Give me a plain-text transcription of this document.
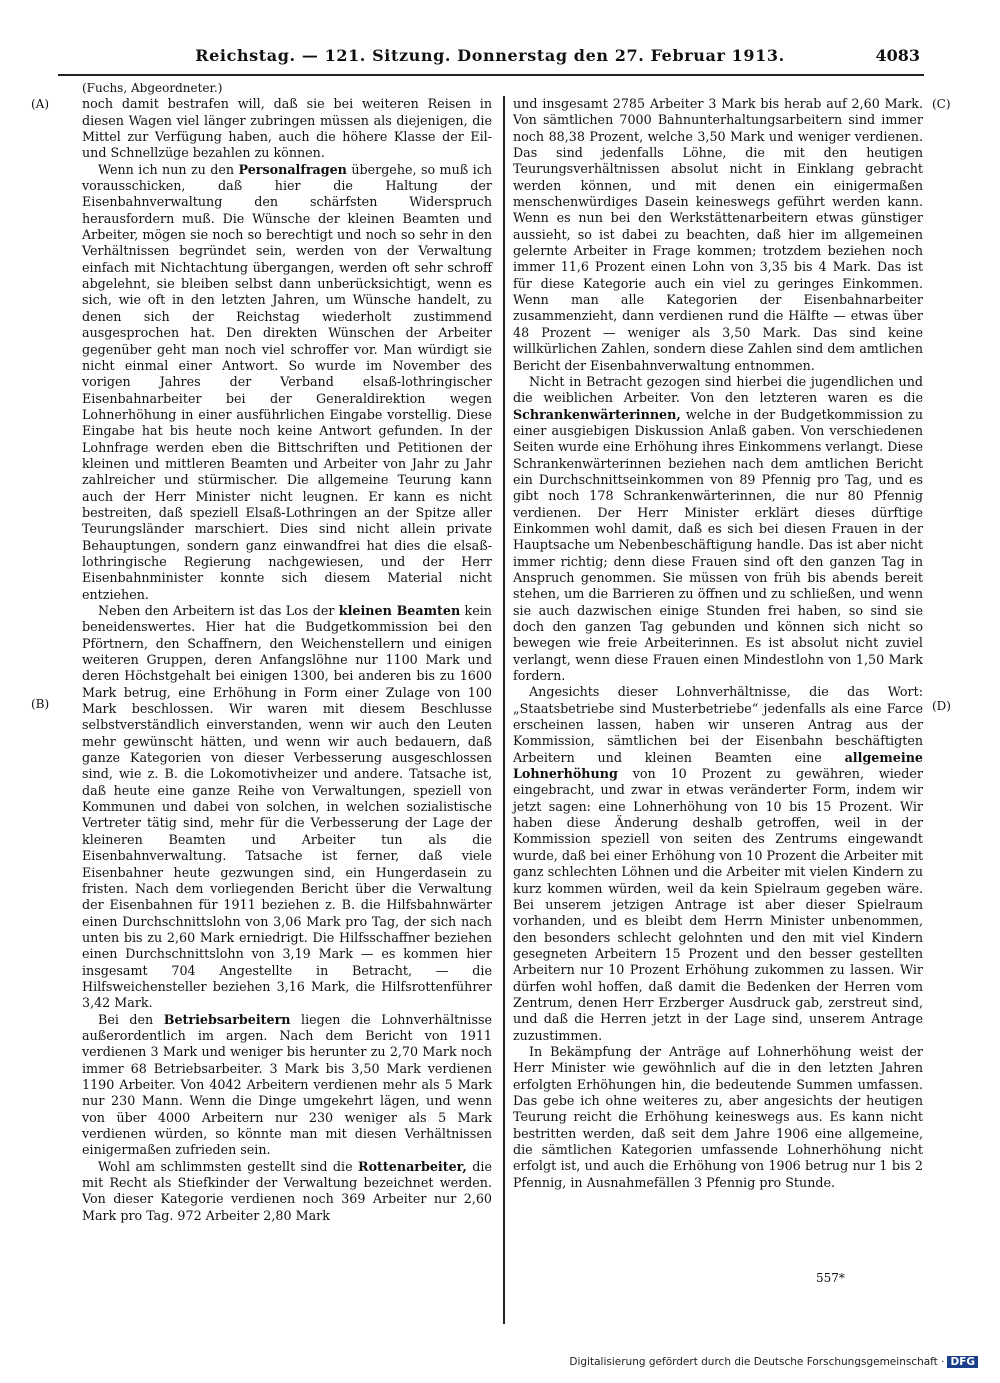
Reichstag. — 121. Sitzung. Donnerstag den 27. Februar 1913.	4083
(A)
(B)
(C)
(D)

(Fuchs, Abgeordneter.)

noch damit bestrafen will, daß sie bei weiteren Reisen in diesen Wagen viel länger zubringen müssen als diejenigen, die Mittel zur Verfügung haben, auch die höhere Klasse der Eil- und Schnellzüge bezahlen zu können.

Wenn ich nun zu den Personalfragen übergehe, so muß ich vorausschicken, daß hier die Haltung der Eisenbahnverwaltung den schärfsten Widerspruch herausfordern muß. Die Wünsche der kleinen Beamten und Arbeiter, mögen sie noch so berechtigt und noch so sehr in den Verhältnissen begründet sein, werden von der Verwaltung einfach mit Nichtachtung übergangen, werden oft sehr schroff abgelehnt, sie bleiben selbst dann unberücksichtigt, wenn es sich, wie oft in den letzten Jahren, um Wünsche handelt, zu denen sich der Reichstag wiederholt zustimmend ausgesprochen hat. Den direkten Wünschen der Arbeiter gegenüber geht man noch viel schroffer vor. Man würdigt sie nicht einmal einer Antwort. So wurde im November des vorigen Jahres der Verband elsaß-lothringischer Eisenbahnarbeiter bei der Generaldirektion wegen Lohnerhöhung in einer ausführlichen Eingabe vorstellig. Diese Eingabe hat bis heute noch keine Antwort gefunden. In der Lohnfrage werden eben die Bittschriften und Petitionen der kleinen und mittleren Beamten und Arbeiter von Jahr zu Jahr zahlreicher und stürmischer. Die allgemeine Teurung kann auch der Herr Minister nicht leugnen. Er kann es nicht bestreiten, daß speziell Elsaß-Lothringen an der Spitze aller Teurungsländer marschiert. Dies sind nicht allein private Behauptungen, sondern ganz einwandfrei hat dies die elsaß-lothringische Regierung nachgewiesen, und der Herr Eisenbahnminister konnte sich diesem Material nicht entziehen.

Neben den Arbeitern ist das Los der kleinen Beamten kein beneidenswertes. Hier hat die Budgetkommission bei den Pförtnern, den Schaffnern, den Weichenstellern und einigen weiteren Gruppen, deren Anfangslöhne nur 1100 Mark und deren Höchstgehalt bei einigen 1300, bei anderen bis zu 1600 Mark betrug, eine Erhöhung in Form einer Zulage von 100 Mark beschlossen. Wir waren mit diesem Beschlusse selbstverständlich einverstanden, wenn wir auch den Leuten mehr gewünscht hätten, und wenn wir auch bedauern, daß ganze Kategorien von dieser Verbesserung ausgeschlossen sind, wie z. B. die Lokomotivheizer und andere. Tatsache ist, daß heute eine ganze Reihe von Verwaltungen, speziell von Kommunen und dabei von solchen, in welchen sozialistische Vertreter tätig sind, mehr für die Verbesserung der Lage der kleineren Beamten und Arbeiter tun als die Eisenbahnverwaltung. Tatsache ist ferner, daß viele Eisenbahner heute gezwungen sind, ein Hungerdasein zu fristen. Nach dem vorliegenden Bericht über die Verwaltung der Eisenbahnen für 1911 beziehen z. B. die Hilfsbahnwärter einen Durchschnittslohn von 3,06 Mark pro Tag, der sich nach unten bis zu 2,60 Mark erniedrigt. Die Hilfsschaffner beziehen einen Durchschnittslohn von 3,19 Mark — es kommen hier insgesamt 704 Angestellte in Betracht, — die Hilfsweichensteller beziehen 3,16 Mark, die Hilfsrottenführer 3,42 Mark.

Bei den Betriebsarbeitern liegen die Lohnverhältnisse außerordentlich im argen. Nach dem Bericht von 1911 verdienen 3 Mark und weniger bis herunter zu 2,70 Mark noch immer 68 Betriebsarbeiter. 3 Mark bis 3,50 Mark verdienen 1190 Arbeiter. Von 4042 Arbeitern verdienen mehr als 5 Mark nur 230 Mann. Wenn die Dinge umgekehrt lägen, und wenn von über 4000 Arbeitern nur 230 weniger als 5 Mark verdienen würden, so könnte man mit diesen Verhältnissen einigermaßen zufrieden sein.

Wohl am schlimmsten gestellt sind die Rottenarbeiter, die mit Recht als Stiefkinder der Verwaltung bezeichnet werden. Von dieser Kategorie verdienen noch 369 Arbeiter nur 2,60 Mark pro Tag. 972 Arbeiter 2,80 Mark

und insgesamt 2785 Arbeiter 3 Mark bis herab auf 2,60 Mark. Von sämtlichen 7000 Bahnunterhaltungsarbeitern sind immer noch 88,38 Prozent, welche 3,50 Mark und weniger verdienen. Das sind jedenfalls Löhne, die mit den heutigen Teurungsverhältnissen absolut nicht in Einklang gebracht werden können, und mit denen ein einigermaßen menschenwürdiges Dasein keineswegs geführt werden kann. Wenn es nun bei den Werkstättenarbeitern etwas günstiger aussieht, so ist dabei zu beachten, daß hier im allgemeinen gelernte Arbeiter in Frage kommen; trotzdem beziehen noch immer 11,6 Prozent einen Lohn von 3,35 bis 4 Mark. Das ist für diese Kategorie auch ein viel zu geringes Einkommen. Wenn man alle Kategorien der Eisenbahnarbeiter zusammenzieht, dann verdienen rund die Hälfte — etwas über 48 Prozent — weniger als 3,50 Mark. Das sind keine willkürlichen Zahlen, sondern diese Zahlen sind dem amtlichen Bericht der Eisenbahnverwaltung entnommen.

Nicht in Betracht gezogen sind hierbei die jugendlichen und die weiblichen Arbeiter. Von den letzteren waren es die Schrankenwärterinnen, welche in der Budgetkommission zu einer ausgiebigen Diskussion Anlaß gaben. Von verschiedenen Seiten wurde eine Erhöhung ihres Einkommens verlangt. Diese Schrankenwärterinnen beziehen nach dem amtlichen Bericht ein Durchschnittseinkommen von 89 Pfennig pro Tag, und es gibt noch 178 Schrankenwärterinnen, die nur 80 Pfennig verdienen. Der Herr Minister erklärt dieses dürftige Einkommen wohl damit, daß es sich bei diesen Frauen in der Hauptsache um Nebenbeschäftigung handle. Das ist aber nicht immer richtig; denn diese Frauen sind oft den ganzen Tag in Anspruch genommen. Sie müssen von früh bis abends bereit stehen, um die Barrieren zu öffnen und zu schließen, und wenn sie auch dazwischen einige Stunden frei haben, so sind sie doch den ganzen Tag gebunden und können sich nicht so bewegen wie freie Arbeiterinnen. Es ist absolut nicht zuviel verlangt, wenn diese Frauen einen Mindestlohn von 1,50 Mark fordern.

Angesichts dieser Lohnverhältnisse, die das Wort: „Staatsbetriebe sind Musterbetriebe“ jedenfalls als eine Farce erscheinen lassen, haben wir unseren Antrag aus der Kommission, sämtlichen bei der Eisenbahn beschäftigten Arbeitern und kleinen Beamten eine allgemeine Lohnerhöhung von 10 Prozent zu gewähren, wieder eingebracht, und zwar in etwas veränderter Form, indem wir jetzt sagen: eine Lohnerhöhung von 10 bis 15 Prozent. Wir haben diese Änderung deshalb getroffen, weil in der Kommission speziell von seiten des Zentrums eingewandt wurde, daß bei einer Erhöhung von 10 Prozent die Arbeiter mit ganz schlechten Löhnen und die Arbeiter mit vielen Kindern zu kurz kommen würden, weil da kein Spielraum gegeben wäre. Bei unserem jetzigen Antrage ist aber dieser Spielraum vorhanden, und es bleibt dem Herrn Minister unbenommen, den besonders schlecht gelohnten und den mit viel Kindern gesegneten Arbeitern 15 Prozent und den besser gestellten Arbeitern nur 10 Prozent Erhöhung zukommen zu lassen. Wir dürfen wohl hoffen, daß damit die Bedenken der Herren vom Zentrum, denen Herr Erzberger Ausdruck gab, zerstreut sind, und daß die Herren jetzt in der Lage sind, unserem Antrage zuzustimmen.

In Bekämpfung der Anträge auf Lohnerhöhung weist der Herr Minister wie gewöhnlich auf die in den letzten Jahren erfolgten Erhöhungen hin, die bedeutende Summen umfassen. Das gebe ich ohne weiteres zu, aber angesichts der heutigen Teurung reicht die Erhöhung keineswegs aus. Es kann nicht bestritten werden, daß seit dem Jahre 1906 eine allgemeine, die sämtlichen Kategorien umfassende Lohnerhöhung nicht erfolgt ist, und auch die Erhöhung von 1906 betrug nur 1 bis 2 Pfennig, in Ausnahmefällen 3 Pfennig pro Stunde.

557*
Digitalisierung gefördert durch die Deutsche Forschungsgemeinschaft · DFG
